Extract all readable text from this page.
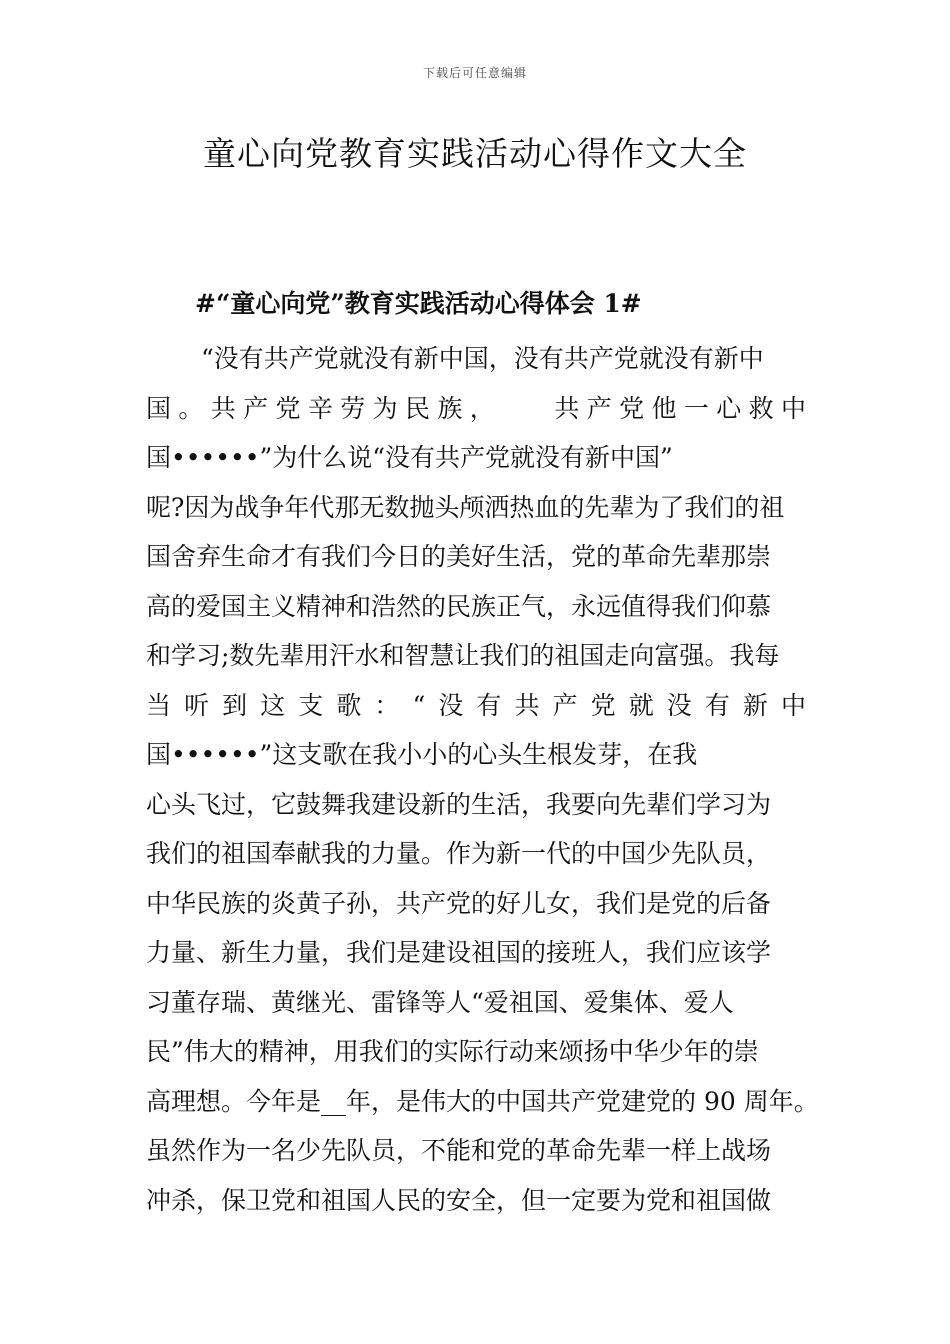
下载后可任意编辑
童心向党教育实践活动心得作文大全
#“童心向党”教育实践活动心得体会 1#
“没有共产党就没有新中国，没有共产党就没有新中
国。共产党辛劳为民族，　　共产党他一心救中
国••••••”为什么说“没有共产党就没有新中国”
呢?因为战争年代那无数抛头颅洒热血的先辈为了我们的祖
国舍弃生命才有我们今日的美好生活，党的革命先辈那崇
高的爱国主义精神和浩然的民族正气，永远值得我们仰慕
和学习;数先辈用汗水和智慧让我们的祖国走向富强。我每
当听到这支歌：“没有共产党就没有新中
国••••••”这支歌在我小小的心头生根发芽，在我
心头飞过，它鼓舞我建设新的生活，我要向先辈们学习为
我们的祖国奉献我的力量。作为新一代的中国少先队员，
中华民族的炎黄子孙，共产党的好儿女，我们是党的后备
力量、新生力量，我们是建设祖国的接班人，我们应该学
习董存瑞、黄继光、雷锋等人“爱祖国、爱集体、爱人
民”伟大的精神，用我们的实际行动来颂扬中华少年的崇
高理想。今年是__年，是伟大的中国共产党建党的 90 周年。
虽然作为一名少先队员，不能和党的革命先辈一样上战场
冲杀，保卫党和祖国人民的安全，但一定要为党和祖国做
